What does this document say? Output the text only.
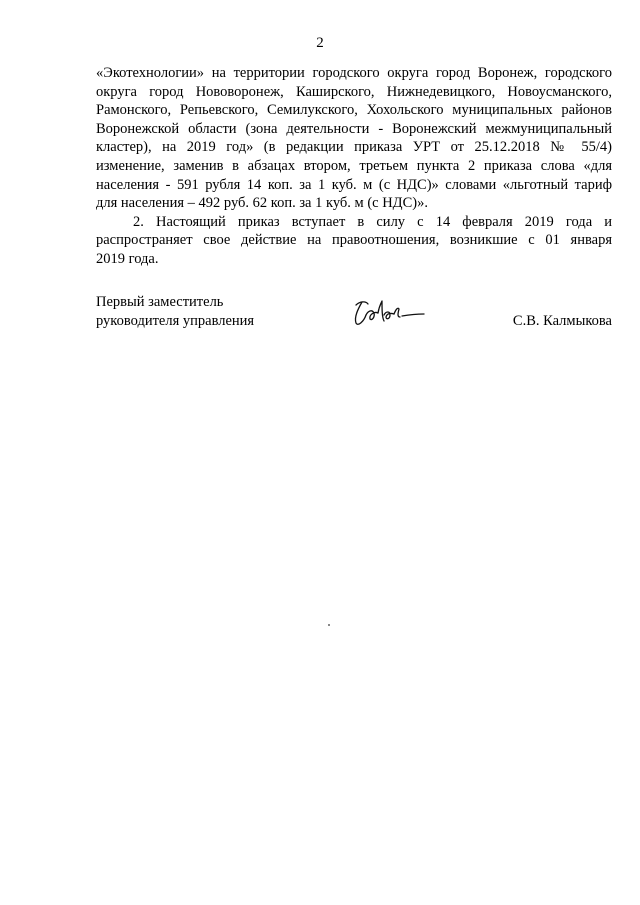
2
«Экотехнологии» на территории городского округа город Воронеж, городского
округа город Нововоронеж, Каширского, Нижнедевицкого, Новоусманского,
Рамонского, Репьевского, Семилукского, Хохольского муниципальных районов
Воронежской области (зона деятельности - Воронежский межмуниципальный
кластер), на 2019 год» (в редакции приказа УРТ от 25.12.2018 № 55/4)
изменение, заменив в абзацах втором, третьем пункта 2 приказа слова «для
населения - 591 рубля 14 коп. за 1 куб. м (с НДС)» словами «льготный тариф
для населения – 492 руб. 62 коп. за 1 куб. м (с НДС)».
2. Настоящий приказ вступает в силу с 14 февраля 2019 года и
распространяет свое действие на правоотношения, возникшие с 01 января
2019 года.
Первый заместитель
руководителя управления	С.В. Калмыкова
